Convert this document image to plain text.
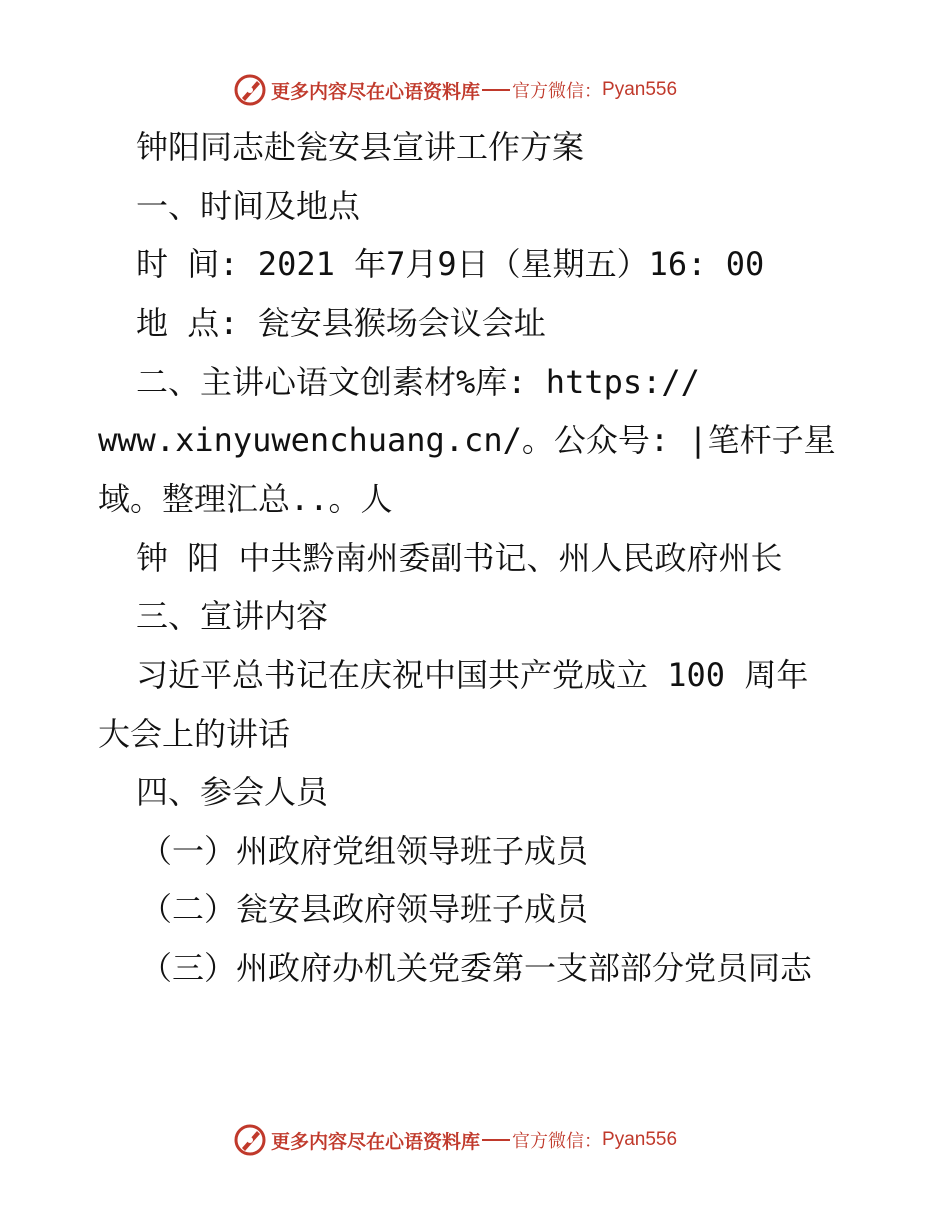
更多内容尽在心语资料库 官方微信： Pyan556
钟阳同志赴瓮安县宣讲工作方案
一、时间及地点
时 间: 2021 年7月9日（星期五）16: 00
地 点: 瓮安县猴场会议会址
二、主讲心语文创素材%库: https://
www.xinyuwenchuang.cn/。公众号: |笔杆子星
域。整理汇总..。人
钟 阳 中共黔南州委副书记、州人民政府州长
三、宣讲内容
习近平总书记在庆祝中国共产党成立 100 周年
大会上的讲话
四、参会人员
（一）州政府党组领导班子成员
（二）瓮安县政府领导班子成员
（三）州政府办机关党委第一支部部分党员同志
更多内容尽在心语资料库 官方微信： Pyan556
